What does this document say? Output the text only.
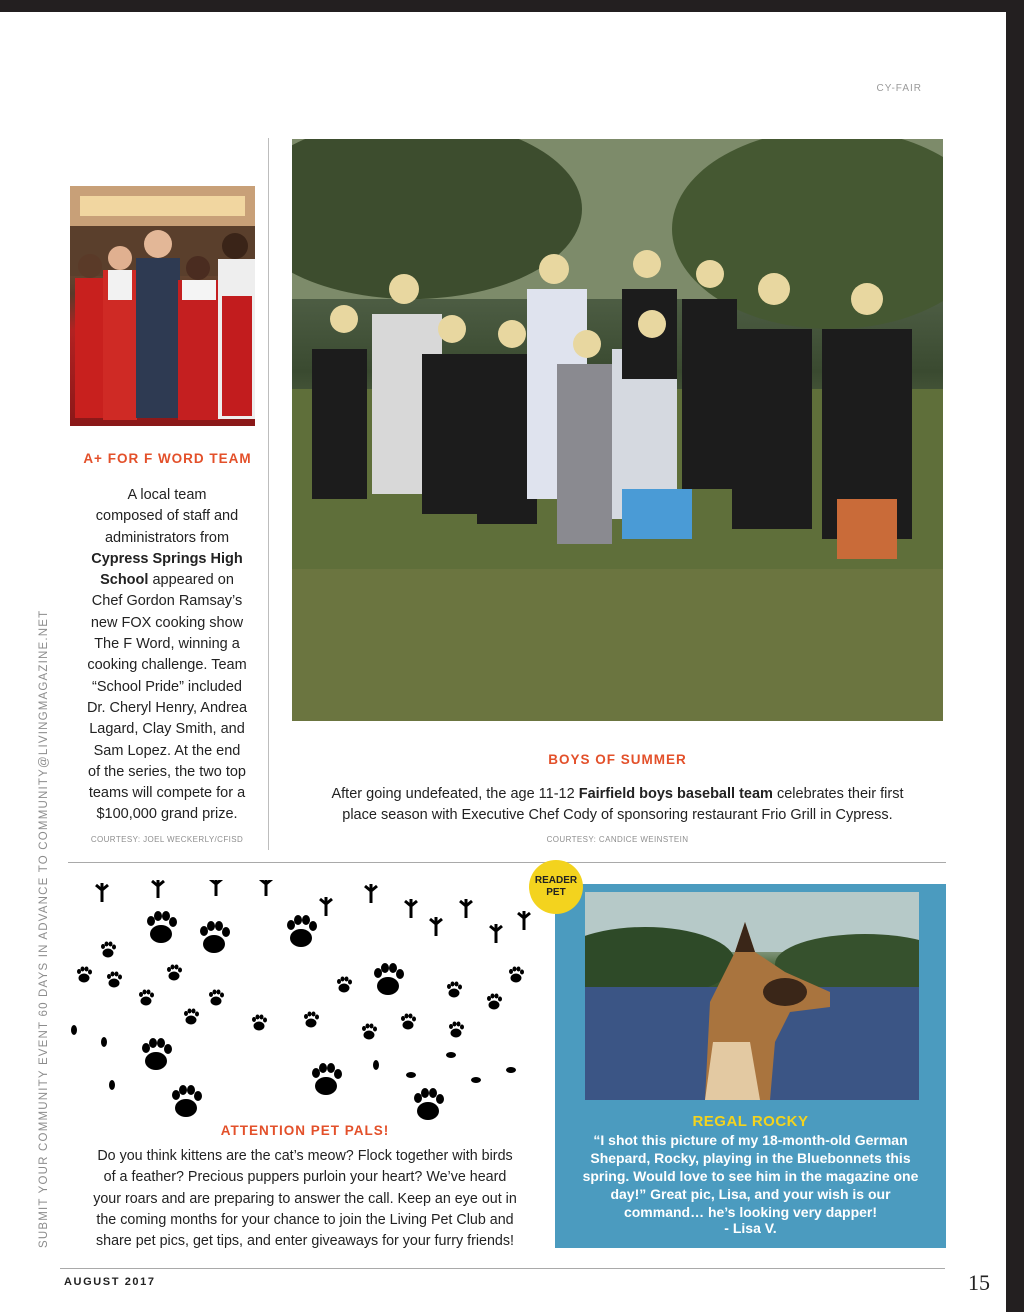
CY-FAIR
SUBMIT YOUR COMMUNITY EVENT 60 DAYS IN ADVANCE TO COMMUNITY@LIVINGMAGAZINE.NET
A+ FOR F WORD TEAM
A local team
composed of staff and
administrators from
Cypress Springs High
School appeared on
Chef Gordon Ramsay’s
new FOX cooking show
The F Word, winning a
cooking challenge. Team
“School Pride” included
Dr. Cheryl Henry, Andrea
Lagard, Clay Smith, and
Sam Lopez. At the end
of the series, the two top
teams will compete for a
$100,000 grand prize.
COURTESY: JOEL WECKERLY/CFISD
BOYS OF SUMMER
After going undefeated, the age 11-12 Fairfield boys baseball team celebrates their first
place season with Executive Chef Cody of sponsoring restaurant Frio Grill in Cypress.
COURTESY: CANDICE WEINSTEIN
ATTENTION PET PALS!
Do you think kittens are the cat’s meow? Flock together with birds
of a feather? Precious puppers purloin your heart? We’ve heard
your roars and are preparing to answer the call. Keep an eye out in
the coming months for your chance to join the Living Pet Club and
share pet pics, get tips, and enter giveaways for your furry friends!
READER
PET
REGAL ROCKY
“I shot this picture of my 18-month-old German Shepard, Rocky, playing in the Bluebonnets this spring. Would love to see him in the magazine one day!” Great pic, Lisa, and your wish is our command… he’s looking very dapper!
- Lisa V.
AUGUST 2017	15
